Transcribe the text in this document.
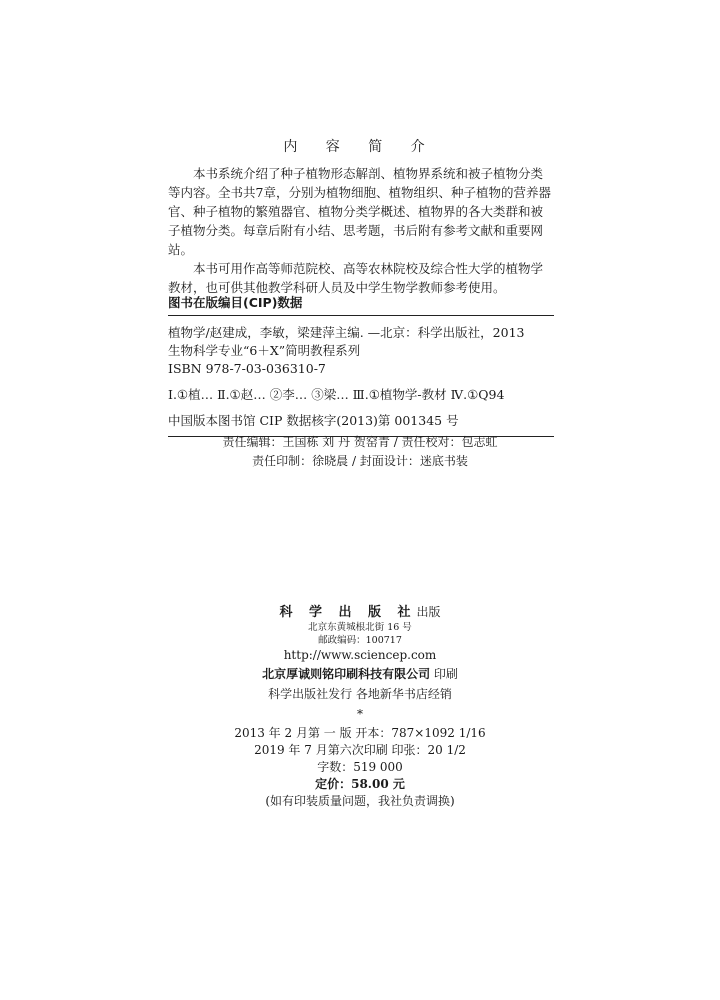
内 容 简 介

本书系统介绍了种子植物形态解剖、植物界系统和被子植物分类等内容。全书共7章，分别为植物细胞、植物组织、种子植物的营养器官、种子植物的繁殖器官、植物分类学概述、植物界的各大类群和被子植物分类。每章后附有小结、思考题，书后附有参考文献和重要网站。

本书可用作高等师范院校、高等农林院校及综合性大学的植物学教材，也可供其他教学科研人员及中学生物学教师参考使用。

图书在版编目(CIP)数据
植物学/赵建成，李敏，梁建萍主编. —北京：科学出版社，2013
生物科学专业“6＋X”简明教程系列
ISBN 978-7-03-036310-7
Ⅰ.①植… Ⅱ.①赵… ②李… ③梁… Ⅲ.①植物学-教材 Ⅳ.①Q94
中国版本图书馆 CIP 数据核字(2013)第 001345 号
责任编辑：王国栋 刘 丹 贺窑青 / 责任校对：包志虹
责任印制：徐晓晨 / 封面设计：迷底书装
科 学 出 版 社出版
北京东黄城根北街 16 号
邮政编码：100717
http://www.sciencep.com
北京厚诚则铭印刷科技有限公司 印刷
科学出版社发行 各地新华书店经销
*
2013 年 2 月第 一 版 开本：787×1092 1/16
2019 年 7 月第六次印刷 印张：20 1/2
字数：519 000
定价：58.00 元
(如有印装质量问题，我社负责调换)
